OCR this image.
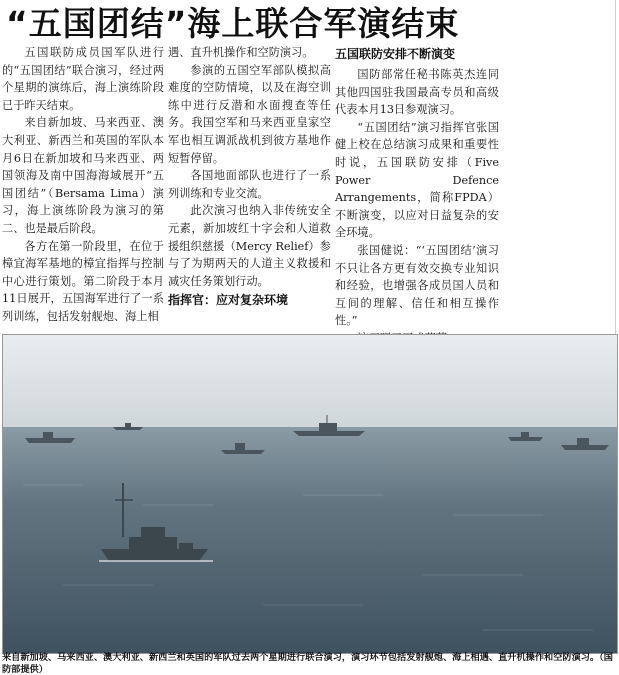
“五国团结”海上联合军演结束

五国联防成员国军队进行的“五国团结”联合演习，经过两个星期的演练后，海上演练阶段已于昨天结束。

来自新加坡、马来西亚、澳大利亚、新西兰和英国的军队本月6日在新加坡和马来西亚、两国领海及南中国海海域展开“五国团结”（Bersama Lima）演习，海上演练阶段为演习的第二、也是最后阶段。

各方在第一阶段里，在位于樟宜海军基地的樟宜指挥与控制中心进行策划。第二阶段于本月11日展开，五国海军进行了一系列训练，包括发射舰炮、海上相

遇、直升机操作和空防演习。

参演的五国空军部队模拟高难度的空防情境，以及在海空训练中进行反潜和水面搜查等任务。我国空军和马来西亚皇家空军也相互调派战机到彼方基地作短暂停留。

各国地面部队也进行了一系列训练和专业交流。

此次演习也纳入非传统安全元素，新加坡红十字会和人道救援组织慈援（Mercy Relief）参与了为期两天的人道主义救援和减灾任务策划行动。

指挥官：应对复杂环境

五国联防安排不断演变

国防部常任秘书陈英杰连同其他四国驻我国最高专员和高级代表本月13日参观演习。

“五国团结”演习指挥官张国健上校在总结演习成果和重要性时说，五国联防安排（Five Power Defence Arrangements，简称FPDA）不断演变，以应对日益复杂的安全环境。

张国健说：“‘五国团结’演习不只让各方更有效交换专业知识和经验，也增强各成员国人员和互间的理解、信任和相互操作性。”

来自新加坡、马来西亚、澳大利亚、新西兰和英国的军队过去两个星期进行联合演习，演习环节包括发射舰炮、海上相遇、直升机操作和空防演习。（国防部提供）
